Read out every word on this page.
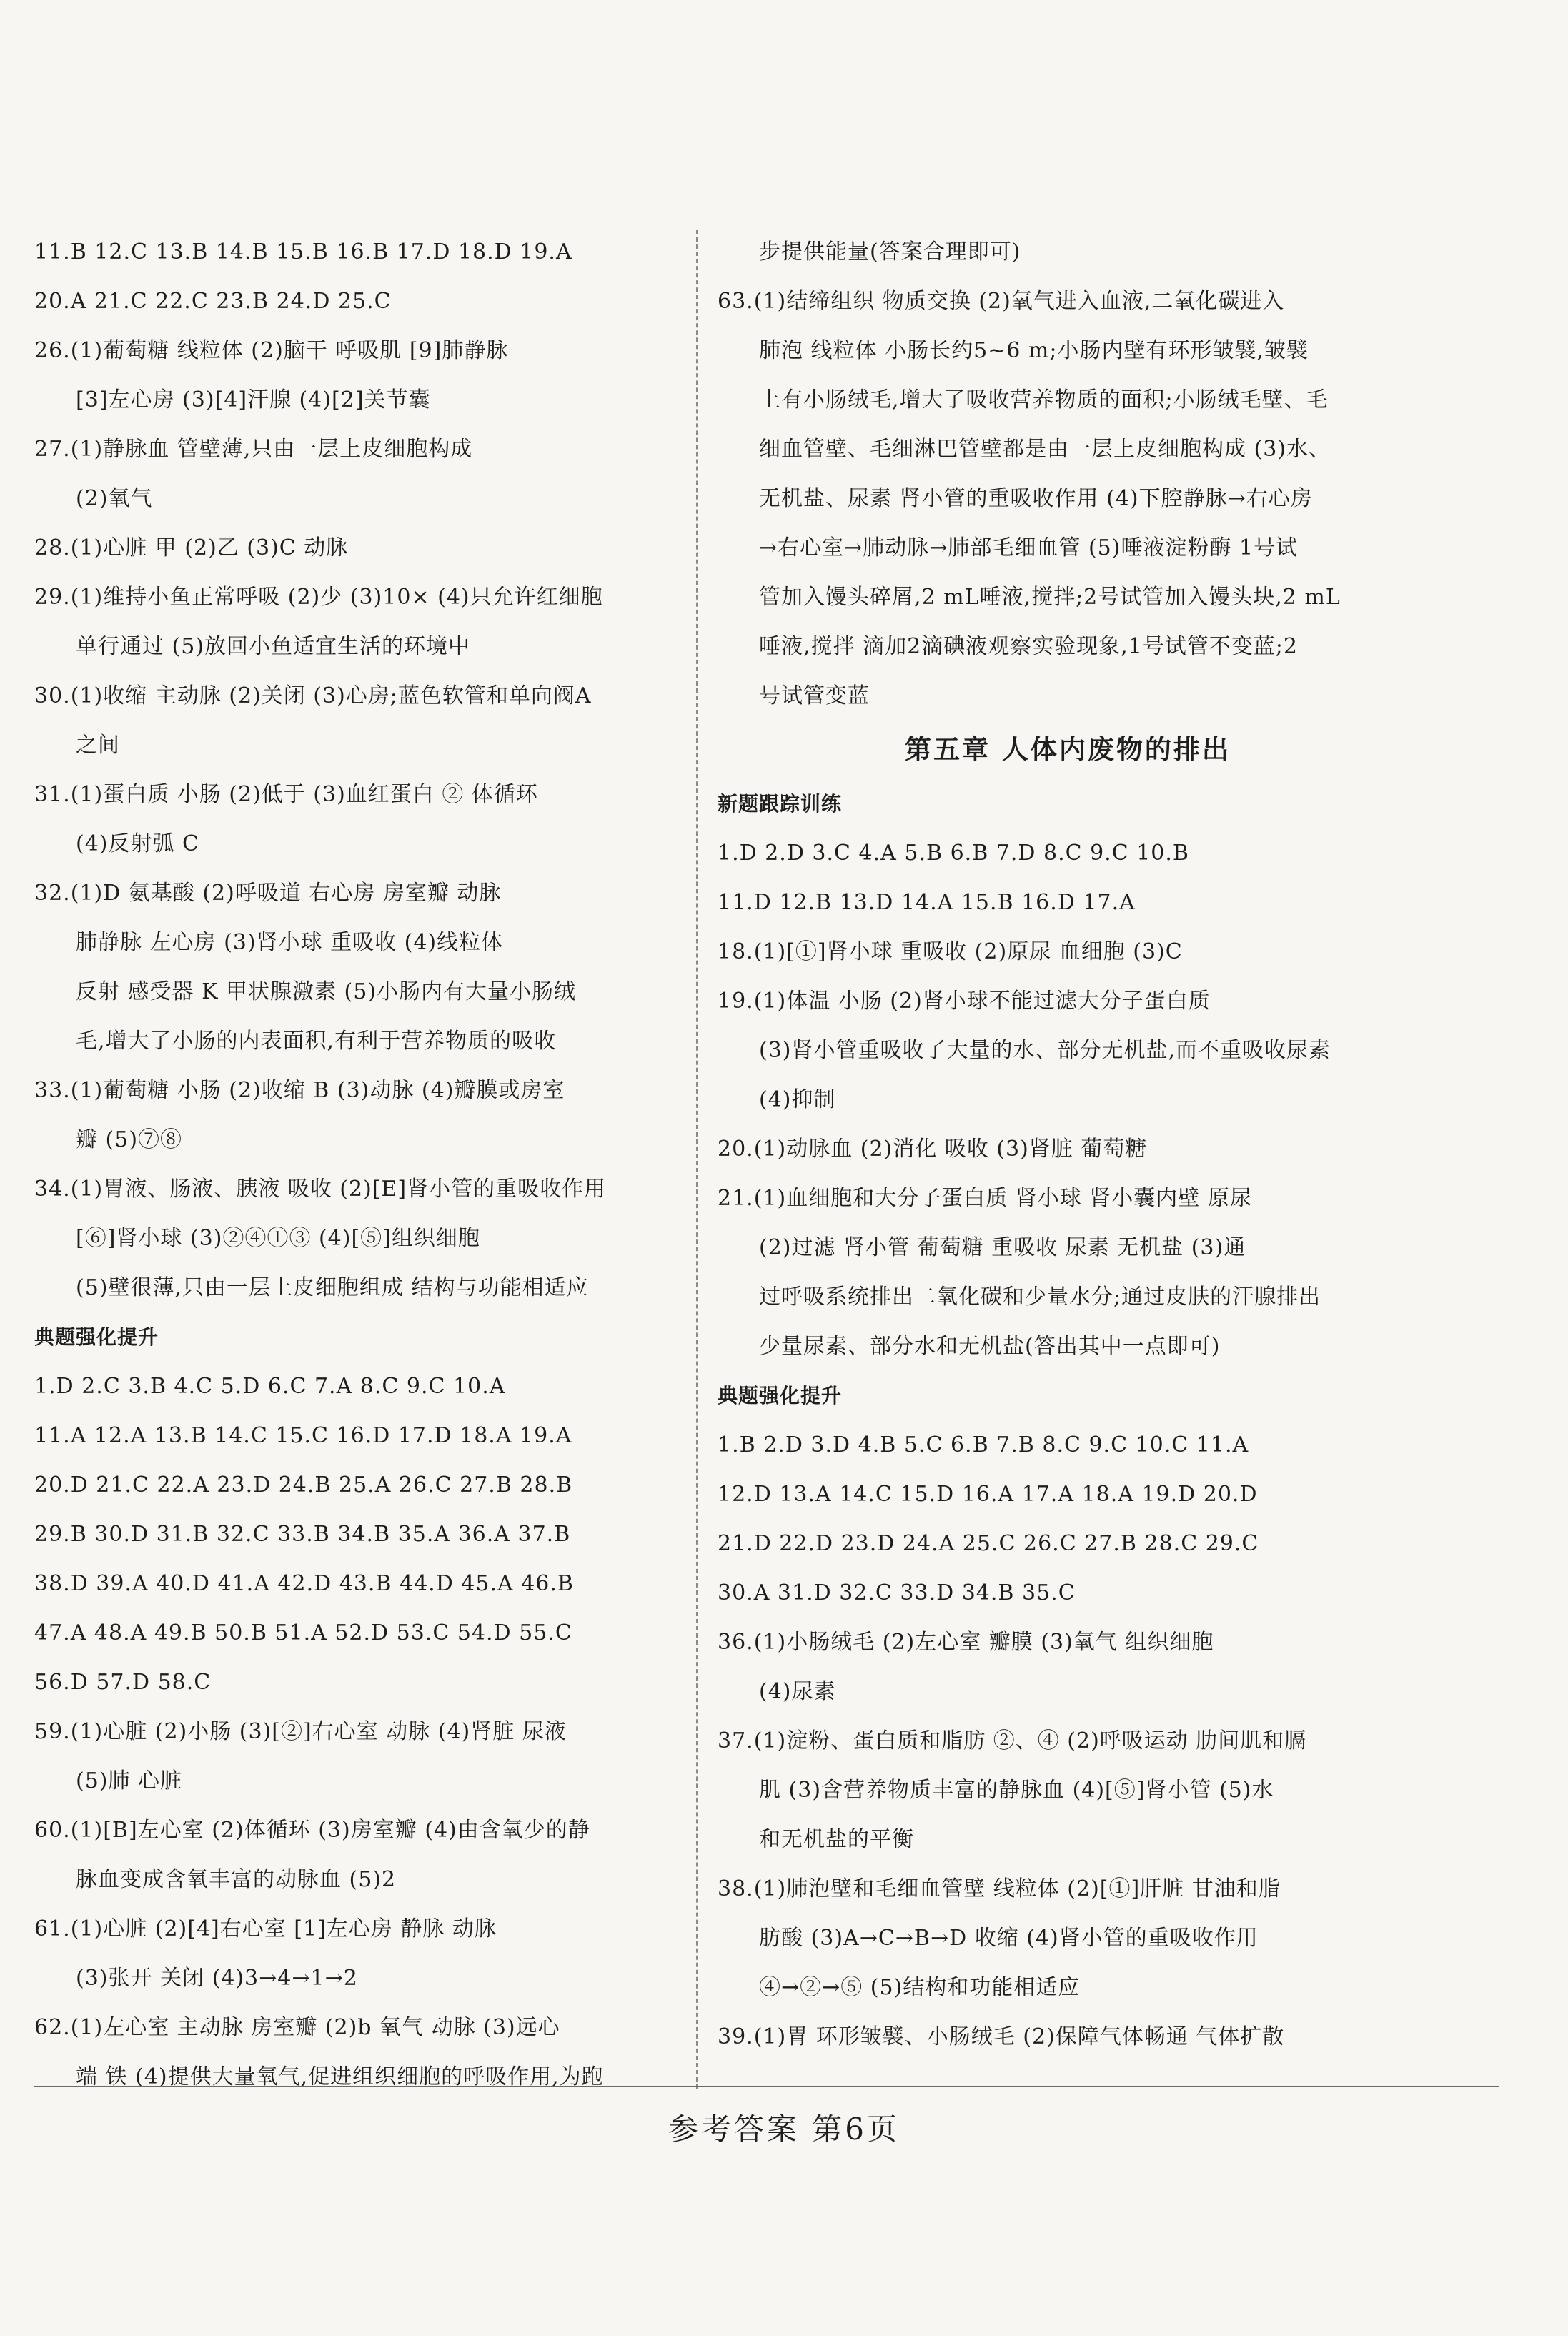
11.B 12.C 13.B 14.B 15.B 16.B 17.D 18.D 19.A
20.A 21.C 22.C 23.B 24.D 25.C
26.(1)葡萄糖 线粒体 (2)脑干 呼吸肌 [9]肺静脉
[3]左心房 (3)[4]汗腺 (4)[2]关节囊
27.(1)静脉血 管壁薄,只由一层上皮细胞构成
(2)氧气
28.(1)心脏 甲 (2)乙 (3)C 动脉
29.(1)维持小鱼正常呼吸 (2)少 (3)10× (4)只允许红细胞
单行通过 (5)放回小鱼适宜生活的环境中
30.(1)收缩 主动脉 (2)关闭 (3)心房;蓝色软管和单向阀A
之间
31.(1)蛋白质 小肠 (2)低于 (3)血红蛋白 ② 体循环
(4)反射弧 C
32.(1)D 氨基酸 (2)呼吸道 右心房 房室瓣 动脉
肺静脉 左心房 (3)肾小球 重吸收 (4)线粒体
反射 感受器 K 甲状腺激素 (5)小肠内有大量小肠绒
毛,增大了小肠的内表面积,有利于营养物质的吸收
33.(1)葡萄糖 小肠 (2)收缩 B (3)动脉 (4)瓣膜或房室
瓣 (5)⑦⑧
34.(1)胃液、肠液、胰液 吸收 (2)[E]肾小管的重吸收作用
[⑥]肾小球 (3)②④①③ (4)[⑤]组织细胞
(5)壁很薄,只由一层上皮细胞组成 结构与功能相适应
典题强化提升
1.D 2.C 3.B 4.C 5.D 6.C 7.A 8.C 9.C 10.A
11.A 12.A 13.B 14.C 15.C 16.D 17.D 18.A 19.A
20.D 21.C 22.A 23.D 24.B 25.A 26.C 27.B 28.B
29.B 30.D 31.B 32.C 33.B 34.B 35.A 36.A 37.B
38.D 39.A 40.D 41.A 42.D 43.B 44.D 45.A 46.B
47.A 48.A 49.B 50.B 51.A 52.D 53.C 54.D 55.C
56.D 57.D 58.C
59.(1)心脏 (2)小肠 (3)[②]右心室 动脉 (4)肾脏 尿液
(5)肺 心脏
60.(1)[B]左心室 (2)体循环 (3)房室瓣 (4)由含氧少的静
脉血变成含氧丰富的动脉血 (5)2
61.(1)心脏 (2)[4]右心室 [1]左心房 静脉 动脉
(3)张开 关闭 (4)3→4→1→2
62.(1)左心室 主动脉 房室瓣 (2)b 氧气 动脉 (3)远心
端 铁 (4)提供大量氧气,促进组织细胞的呼吸作用,为跑
步提供能量(答案合理即可)
63.(1)结缔组织 物质交换 (2)氧气进入血液,二氧化碳进入
肺泡 线粒体 小肠长约5~6 m;小肠内壁有环形皱襞,皱襞
上有小肠绒毛,增大了吸收营养物质的面积;小肠绒毛壁、毛
细血管壁、毛细淋巴管壁都是由一层上皮细胞构成 (3)水、
无机盐、尿素 肾小管的重吸收作用 (4)下腔静脉→右心房
→右心室→肺动脉→肺部毛细血管 (5)唾液淀粉酶 1号试
管加入馒头碎屑,2 mL唾液,搅拌;2号试管加入馒头块,2 mL
唾液,搅拌 滴加2滴碘液观察实验现象,1号试管不变蓝;2
号试管变蓝
第五章 人体内废物的排出
新题跟踪训练
1.D 2.D 3.C 4.A 5.B 6.B 7.D 8.C 9.C 10.B
11.D 12.B 13.D 14.A 15.B 16.D 17.A
18.(1)[①]肾小球 重吸收 (2)原尿 血细胞 (3)C
19.(1)体温 小肠 (2)肾小球不能过滤大分子蛋白质
(3)肾小管重吸收了大量的水、部分无机盐,而不重吸收尿素
(4)抑制
20.(1)动脉血 (2)消化 吸收 (3)肾脏 葡萄糖
21.(1)血细胞和大分子蛋白质 肾小球 肾小囊内壁 原尿
(2)过滤 肾小管 葡萄糖 重吸收 尿素 无机盐 (3)通
过呼吸系统排出二氧化碳和少量水分;通过皮肤的汗腺排出
少量尿素、部分水和无机盐(答出其中一点即可)
典题强化提升
1.B 2.D 3.D 4.B 5.C 6.B 7.B 8.C 9.C 10.C 11.A
12.D 13.A 14.C 15.D 16.A 17.A 18.A 19.D 20.D
21.D 22.D 23.D 24.A 25.C 26.C 27.B 28.C 29.C
30.A 31.D 32.C 33.D 34.B 35.C
36.(1)小肠绒毛 (2)左心室 瓣膜 (3)氧气 组织细胞
(4)尿素
37.(1)淀粉、蛋白质和脂肪 ②、④ (2)呼吸运动 肋间肌和膈
肌 (3)含营养物质丰富的静脉血 (4)[⑤]肾小管 (5)水
和无机盐的平衡
38.(1)肺泡壁和毛细血管壁 线粒体 (2)[①]肝脏 甘油和脂
肪酸 (3)A→C→B→D 收缩 (4)肾小管的重吸收作用
④→②→⑤ (5)结构和功能相适应
39.(1)胃 环形皱襞、小肠绒毛 (2)保障气体畅通 气体扩散
参考答案 第6页
